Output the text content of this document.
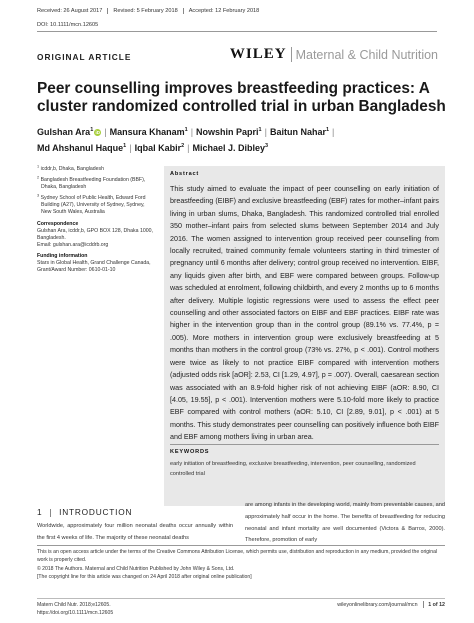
Received: 26 August 2017 Revised: 5 February 2018 Accepted: 12 February 2018
DOI: 10.1111/mcn.12605
ORIGINAL ARTICLE	WILEY Maternal & Child Nutrition
Peer counselling improves breastfeeding practices: A cluster randomized controlled trial in urban Bangladesh
Gulshan Ara$^1$ iD | Mansura Khanam$^1$ | Nowshin Papri$^1$ | Baitun Nahar$^1$ |
Md Ahshanul Haque$^1$ | Iqbal Kabir$^2$ | Michael J. Dibley$^3$
$^1$ icddr,b, Dhaka, Bangladesh
$^2$ Bangladesh Breastfeeding Foundation (BBF), Dhaka, Bangladesh
$^3$ Sydney School of Public Health, Edward Ford Building (A27), University of Sydney, Sydney, New South Wales, Australia
Correspondence
Gulshan Ara, icddr,b, GPO BOX 128, Dhaka 1000, Bangladesh.
Email: gulshan.ara@icddrb.org
Funding information
Stars in Global Health, Grand Challenge Canada, Grant/Award Number: 0610-01-10
Abstract
This study aimed to evaluate the impact of peer counselling on early initiation of breastfeeding (EIBF) and exclusive breastfeeding (EBF) rates for mother–infant pairs living in urban slums, Dhaka, Bangladesh. This randomized controlled trial enrolled 350 mother–infant pairs from selected slums between September 2014 and July 2016. The women assigned to intervention group received peer counselling from locally recruited, trained community female volunteers starting in third trimester of pregnancy until 6 months after delivery; control group received no intervention. EIBF, any liquids given after birth, and EBF were compared between groups. Follow-up was scheduled at enrolment, following childbirth, and every 2 months up to 6 months after delivery. Multiple logistic regressions were used to assess the effect peer counselling and other associated factors on EIBF and EBF practices. EIBF rate was higher in the intervention group than in the control group (89.1% vs. 77.4%, p = .005). More mothers in intervention group were exclusively breastfeeding at 5 months than mothers in the control group (73% vs. 27%, p < .001). Control mothers were twice as likely to not practice EIBF compared with intervention mothers (adjusted odds risk [aOR]: 2.53, CI [1.29, 4.97], p = .007). Overall, caesarean section was associated with an 8.9-fold higher risk of not achieving EIBF (aOR: 8.90, CI [4.05, 19.55], p < .001). Intervention mothers were 5.10-fold more likely to practice EBF compared with control mothers (aOR: 5.10, CI [2.89, 9.01], p < .001) at 5 months. This study demonstrates peer counselling can positively influence both EIBF and EBF among mothers living in urban area.
KEYWORDS
early initiation of breastfeeding, exclusive breastfeeding, intervention, peer counselling, randomized controlled trial
1 INTRODUCTION
Worldwide, approximately four million neonatal deaths occur annually within the first 4 weeks of life. The majority of these neonatal deaths
are among infants in the developing world, mainly from preventable causes, and approximately half occur in the home. The benefits of breastfeeding for reducing neonatal and infant mortality are well documented (Victora & Barros, 2000). Therefore, promotion of early
This is an open access article under the terms of the Creative Commons Attribution License, which permits use, distribution and reproduction in any medium, provided the original work is properly cited.
© 2018 The Authors. Maternal and Child Nutrition Published by John Wiley & Sons, Ltd.
[The copyright line for this article was changed on 24 April 2018 after original online publication]
Matern Child Nutr. 2018;e12605.
https://doi.org/10.1111/mcn.12605
wileyonlinelibrary.com/journal/mcn 1 of 12
